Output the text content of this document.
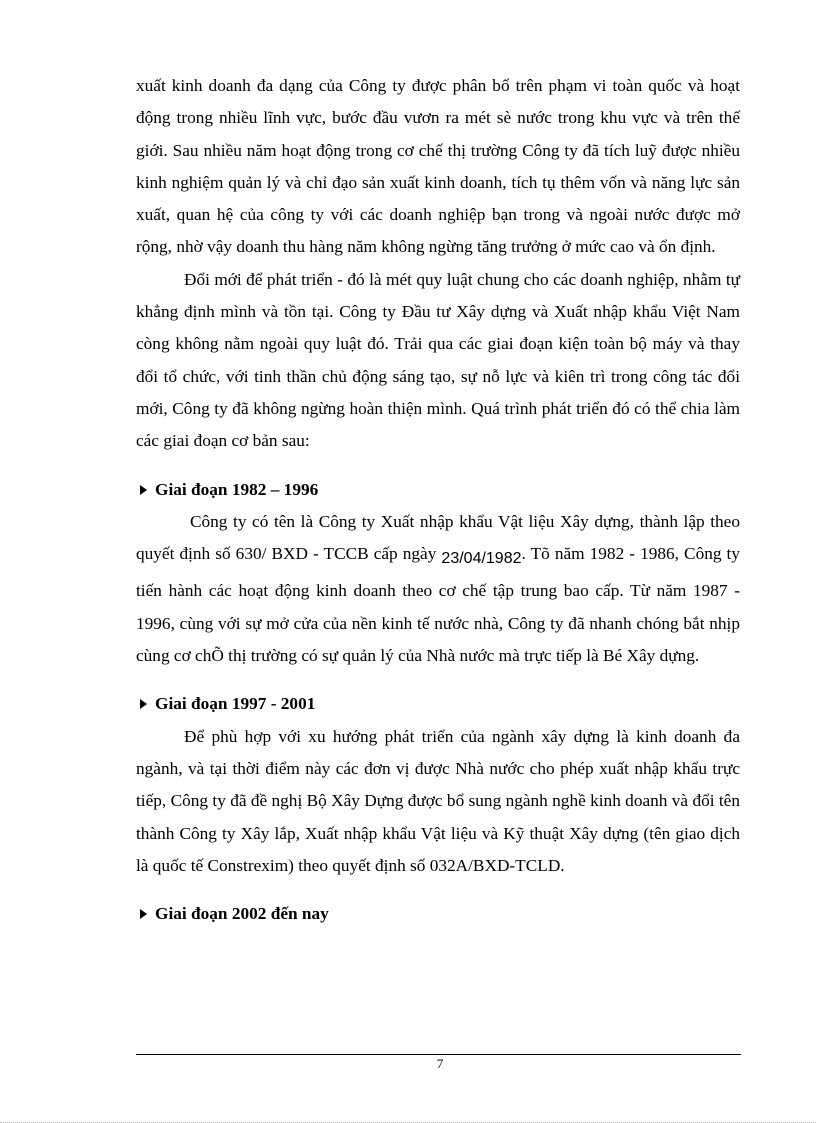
xuất kinh doanh đa dạng của Công ty được phân bố trên phạm vi toàn quốc và hoạt động trong nhiều lĩnh vực, bước đầu vươn ra mét sè nước trong khu vực và trên thế giới. Sau nhiều năm hoạt động trong cơ chế thị trường Công ty đã tích luỹ được nhiều kinh nghiệm quản lý và chỉ đạo sản xuất kinh doanh, tích tụ thêm vốn và năng lực sản xuất, quan hệ của công ty với các doanh nghiệp bạn trong và ngoài nước được mở rộng, nhờ vậy doanh thu hàng năm không ngừng tăng trưởng ở mức cao và ổn định.

Đổi mới để phát triển - đó là mét quy luật chung cho các doanh nghiệp, nhằm tự khẳng định mình và tồn tại. Công ty Đầu tư Xây dựng và Xuất nhập khẩu Việt Nam còng không nằm ngoài quy luật đó. Trải qua các giai đoạn kiện toàn bộ máy và thay đổi tổ chức, với tinh thần chủ động sáng tạo, sự nỗ lực và kiên trì trong công tác đổi mới, Công ty đã không ngừng hoàn thiện mình. Quá trình phát triển đó có thể chia làm các giai đoạn cơ bản sau:

Giai đoạn 1982 – 1996

Công ty có tên là Công ty Xuất nhập khẩu Vật liệu Xây dựng, thành lập theo quyết định số 630/ BXD - TCCB cấp ngày 23/04/1982. Tõ năm 1982 - 1986, Công ty tiến hành các hoạt động kinh doanh theo cơ chế tập trung bao cấp. Từ năm 1987 - 1996, cùng với sự mở cửa của nền kinh tế nước nhà, Công ty đã nhanh chóng bắt nhịp cùng cơ chÕ thị trường có sự quản lý của Nhà nước mà trực tiếp là Bé Xây dựng.

Giai đoạn 1997 - 2001

Để phù hợp với xu hướng phát triển của ngành xây dựng là kinh doanh đa ngành, và tại thời điểm này các đơn vị được Nhà nước cho phép xuất nhập khẩu trực tiếp, Công ty đã đề nghị Bộ Xây Dựng được bổ sung ngành nghề kinh doanh và đổi tên thành Công ty Xây lắp, Xuất nhập khẩu Vật liệu và Kỹ thuật Xây dựng (tên giao dịch là quốc tế Constrexim) theo quyết định số 032A/BXD-TCLD.

Giai đoạn 2002 đến nay

7
